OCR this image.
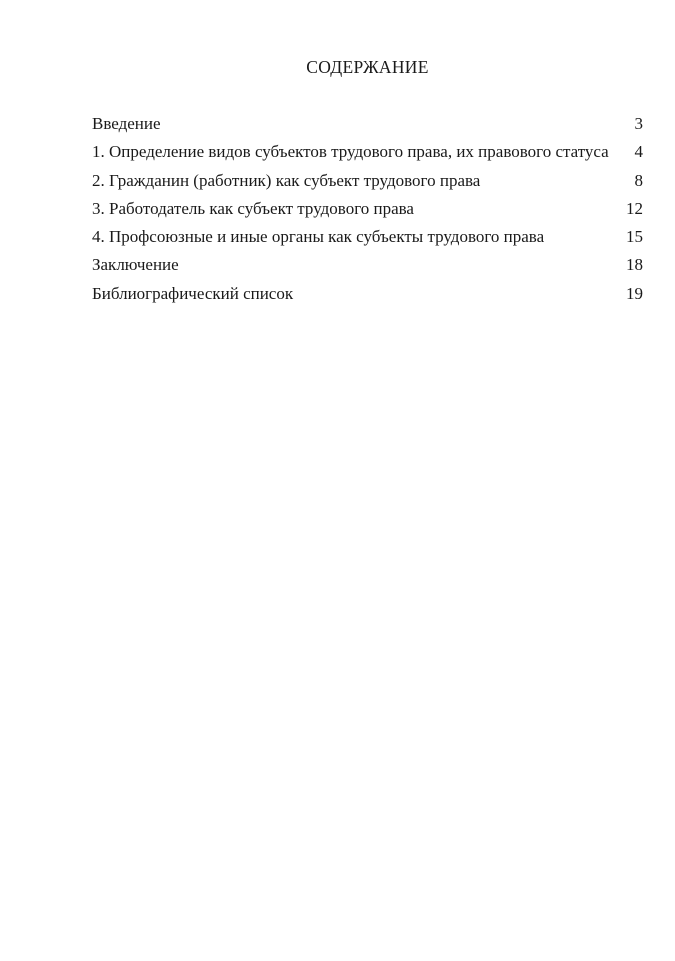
СОДЕРЖАНИЕ
Введение	3
1. Определение видов субъектов трудового права, их правового статуса 4
2. Гражданин (работник) как субъект трудового права	8
3. Работодатель как субъект трудового права	12
4. Профсоюзные и иные органы как субъекты трудового права	15
Заключение	18
Библиографический список	19
